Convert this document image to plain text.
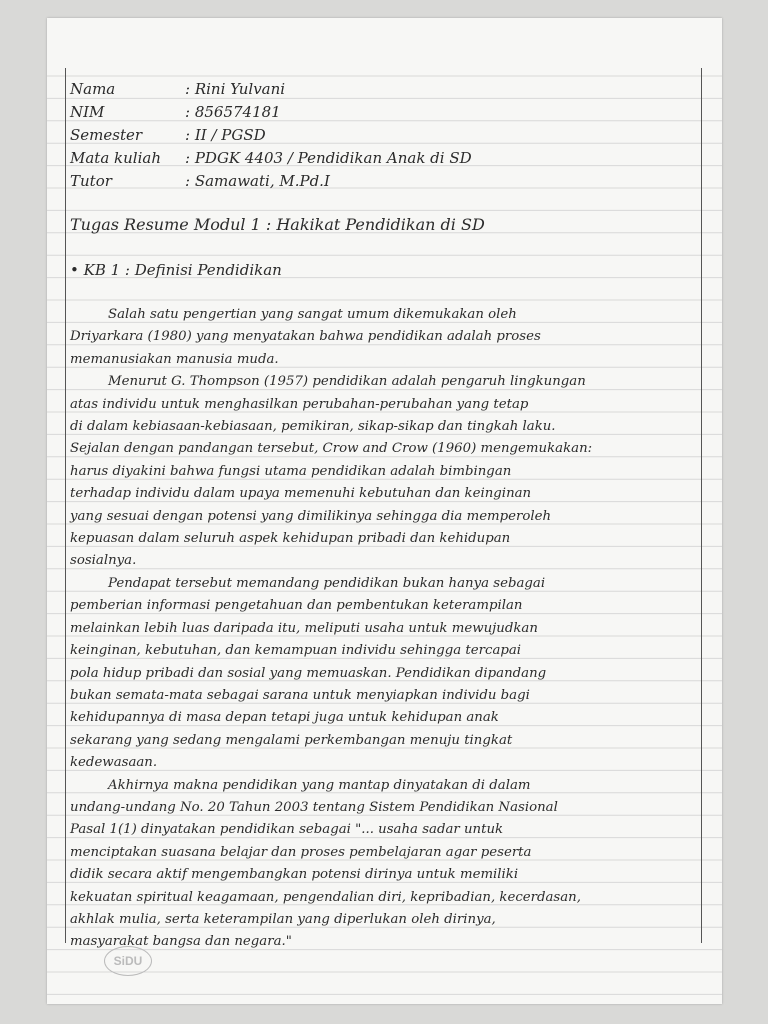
Nama	: Rini Yulvani
NIM	: 856574181
Semester	: II / PGSD
Mata kuliah : PDGK 4403 / Pendidikan Anak di SD
Tutor	: Samawati, M.Pd.I
Tugas Resume Modul 1 : Hakikat Pendidikan di SD
• KB 1 : Definisi Pendidikan
Salah satu pengertian yang sangat umum dikemukakan oleh
Driyarkara (1980) yang menyatakan bahwa pendidikan adalah proses
memanusiakan manusia muda.
Menurut G. Thompson (1957) pendidikan adalah pengaruh lingkungan
atas individu untuk menghasilkan perubahan-perubahan yang tetap
di dalam kebiasaan-kebiasaan, pemikiran, sikap-sikap dan tingkah laku.
Sejalan dengan pandangan tersebut, Crow and Crow (1960) mengemukakan:
harus diyakini bahwa fungsi utama pendidikan adalah bimbingan
terhadap individu dalam upaya memenuhi kebutuhan dan keinginan
yang sesuai dengan potensi yang dimilikinya sehingga dia memperoleh
kepuasan dalam seluruh aspek kehidupan pribadi dan kehidupan
sosialnya.
Pendapat tersebut memandang pendidikan bukan hanya sebagai
pemberian informasi pengetahuan dan pembentukan keterampilan
melainkan lebih luas daripada itu, meliputi usaha untuk mewujudkan
keinginan, kebutuhan, dan kemampuan individu sehingga tercapai
pola hidup pribadi dan sosial yang memuaskan. Pendidikan dipandang
bukan semata-mata sebagai sarana untuk menyiapkan individu bagi
kehidupannya di masa depan tetapi juga untuk kehidupan anak
sekarang yang sedang mengalami perkembangan menuju tingkat
kedewasaan.
Akhirnya makna pendidikan yang mantap dinyatakan di dalam
undang-undang No. 20 Tahun 2003 tentang Sistem Pendidikan Nasional
Pasal 1(1) dinyatakan pendidikan sebagai "... usaha sadar untuk
menciptakan suasana belajar dan proses pembelajaran agar peserta
didik secara aktif mengembangkan potensi dirinya untuk memiliki
kekuatan spiritual keagamaan, pengendalian diri, kepribadian, kecerdasan,
akhlak mulia, serta keterampilan yang diperlukan oleh dirinya,
masyarakat bangsa dan negara."
SiDU
